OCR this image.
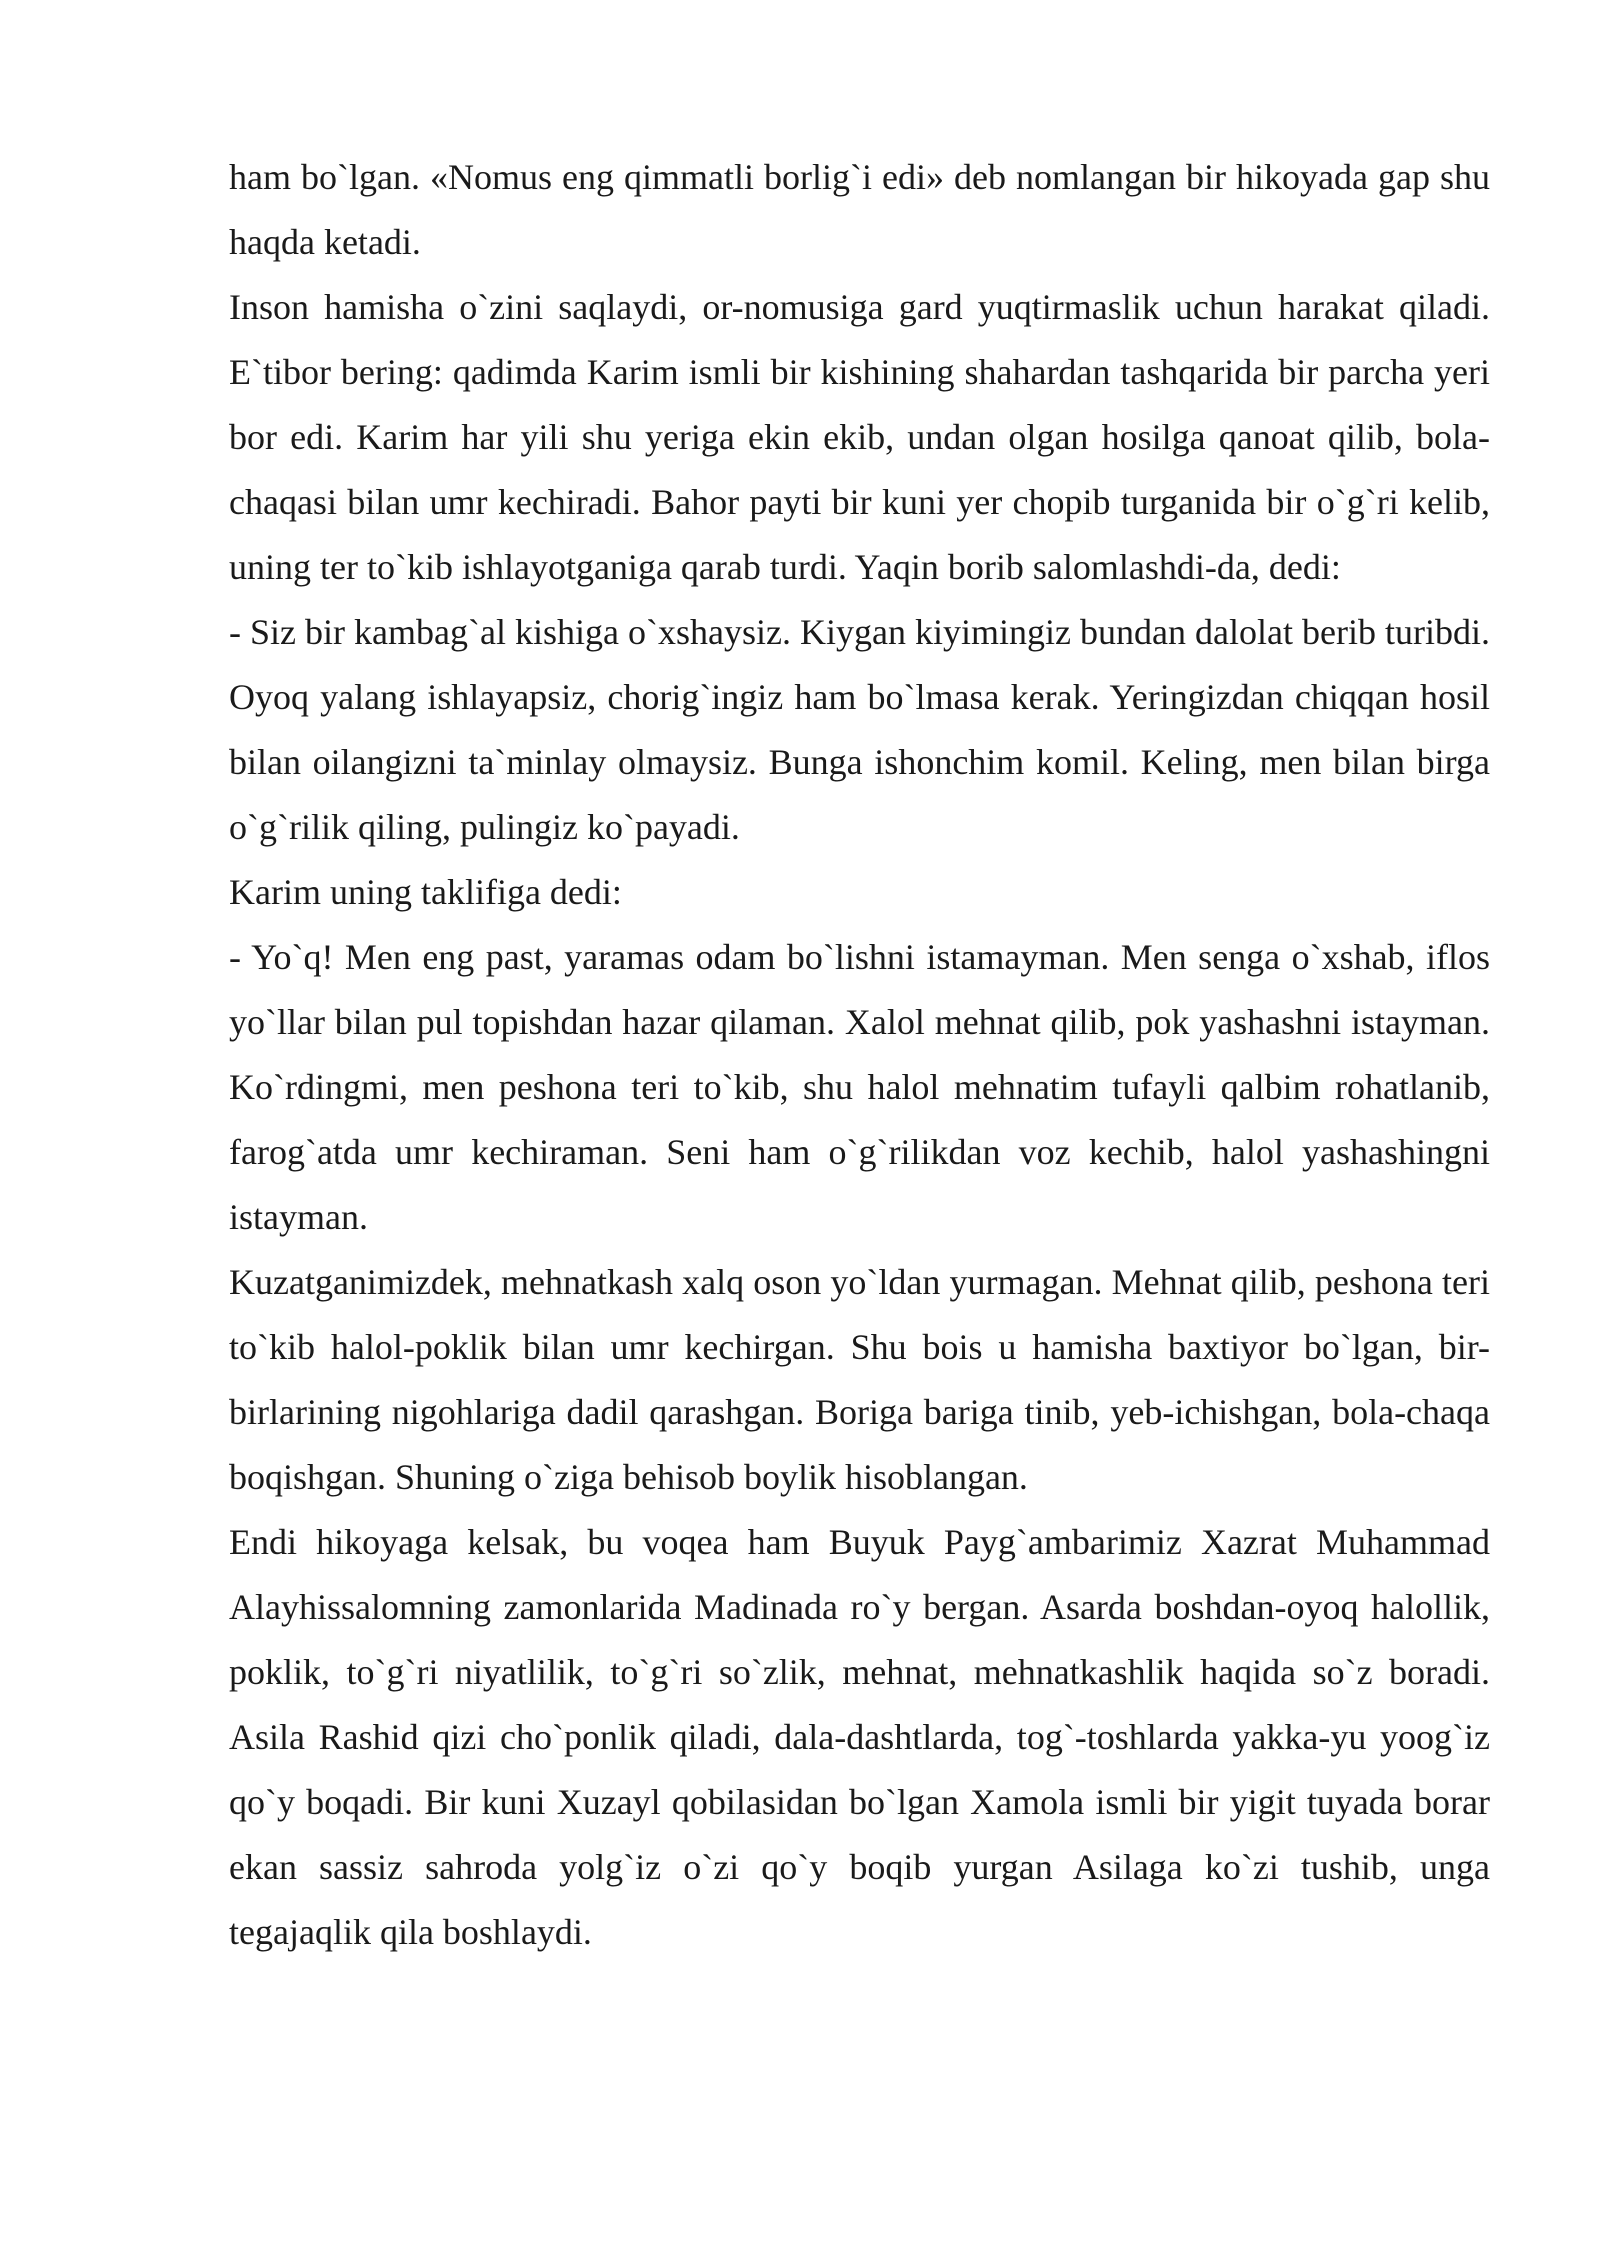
ham bo`lgan. «Nomus eng qimmatli borlig`i edi» deb nomlangan bir hikoyada gap shu haqda ketadi.

Inson hamisha o`zini saqlaydi, or-nomusiga gard yuqtirmaslik uchun harakat qiladi. E`tibor bering: qadimda Karim ismli bir kishining shahardan tashqarida bir parcha yeri bor edi. Karim har yili shu yeriga ekin ekib, undan olgan hosilga qanoat qilib, bola-chaqasi bilan umr kechiradi. Bahor payti bir kuni yer chopib turganida bir o`g`ri kelib, uning ter to`kib ishlayotganiga qarab turdi. Yaqin borib salomlashdi-da, dedi:

- Siz bir kambag`al kishiga o`xshaysiz. Kiygan kiyimingiz bundan dalolat berib turibdi. Oyoq yalang ishlayapsiz, chorig`ingiz ham bo`lmasa kerak. Yeringizdan chiqqan hosil bilan oilangizni ta`minlay olmaysiz. Bunga ishonchim komil. Keling, men bilan birga o`g`rilik qiling, pulingiz ko`payadi.

Karim uning taklifiga dedi:

- Yo`q! Men eng past, yaramas odam bo`lishni istamayman. Men senga o`xshab, iflos yo`llar bilan pul topishdan hazar qilaman. Xalol mehnat qilib, pok yashashni istayman. Ko`rdingmi, men peshona teri to`kib, shu halol mehnatim tufayli qalbim rohatlanib, farog`atda umr kechiraman. Seni ham o`g`rilikdan voz kechib, halol yashashingni istayman.

Kuzatganimizdek, mehnatkash xalq oson yo`ldan yurmagan. Mehnat qilib, peshona teri to`kib halol-poklik bilan umr kechirgan. Shu bois u hamisha baxtiyor bo`lgan, bir-birlarining nigohlariga dadil qarashgan. Boriga bariga tinib, yeb-ichishgan, bola-chaqa boqishgan. Shuning o`ziga behisob boylik hisoblangan.

Endi hikoyaga kelsak, bu voqea ham Buyuk Payg`ambarimiz Xazrat Muhammad Alayhissalomning zamonlarida Madinada ro`y bergan. Asarda boshdan-oyoq halollik, poklik, to`g`ri niyatlilik, to`g`ri so`zlik, mehnat, mehnatkashlik haqida so`z boradi. Asila Rashid qizi cho`ponlik qiladi, dala-dashtlarda, tog`-toshlarda yakka-yu yoog`iz qo`y boqadi. Bir kuni Xuzayl qobilasidan bo`lgan Xamola ismli bir yigit tuyada borar ekan sassiz sahroda yolg`iz o`zi qo`y boqib yurgan Asilaga ko`zi tushib, unga tegajaqlik qila boshlaydi.
